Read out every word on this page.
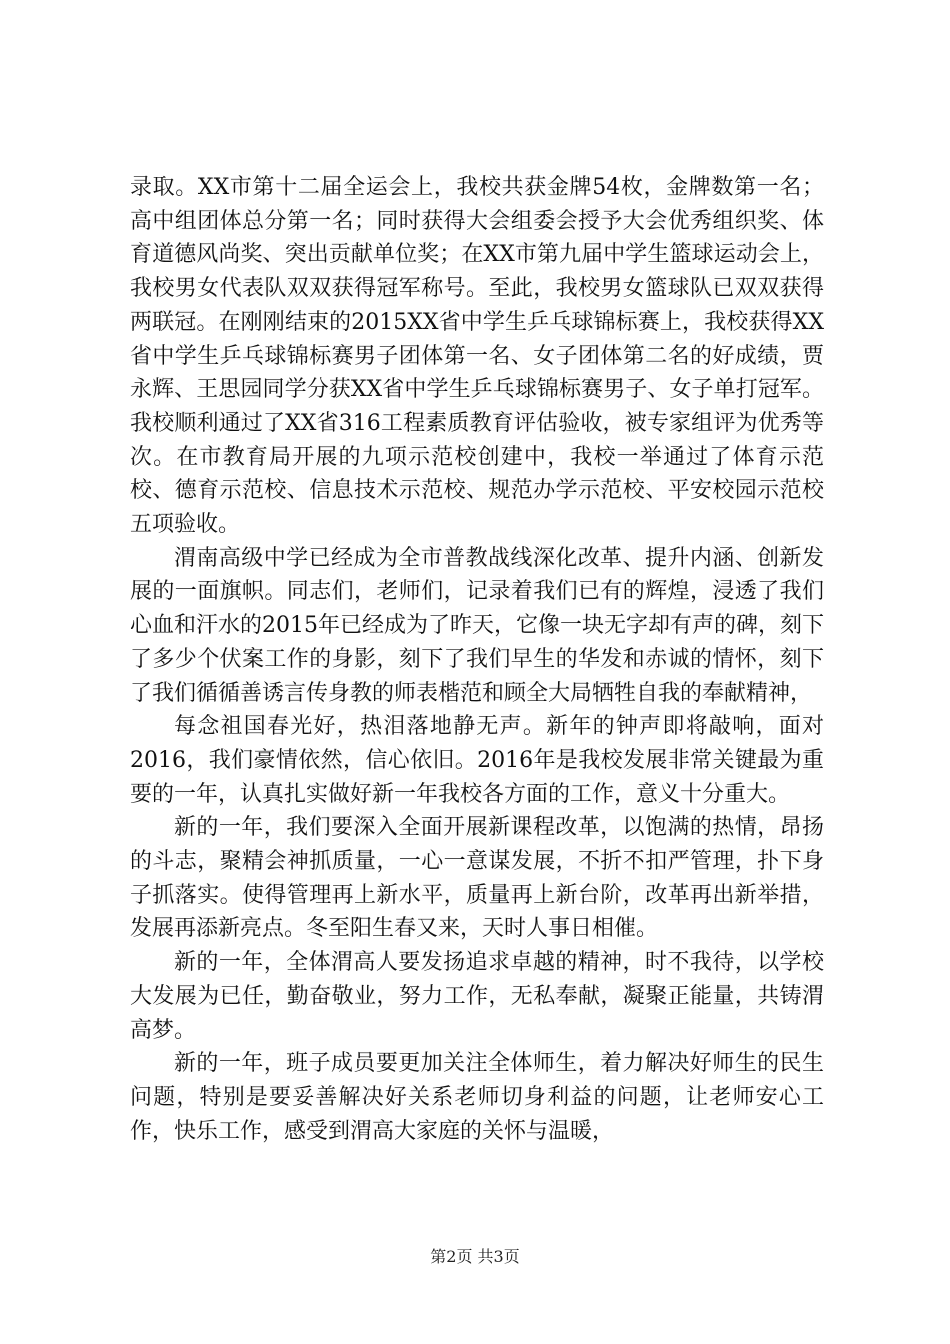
录取。XX市第十二届全运会上，我校共获金牌54枚，金牌数第一名；高中组团体总分第一名；同时获得大会组委会授予大会优秀组织奖、体育道德风尚奖、突出贡献单位奖；在XX市第九届中学生篮球运动会上，我校男女代表队双双获得冠军称号。至此，我校男女篮球队已双双获得两联冠。在刚刚结束的2015XX省中学生乒乓球锦标赛上，我校获得XX省中学生乒乓球锦标赛男子团体第一名、女子团体第二名的好成绩，贾永辉、王思园同学分获XX省中学生乒乓球锦标赛男子、女子单打冠军。我校顺利通过了XX省316工程素质教育评估验收，被专家组评为优秀等次。在市教育局开展的九项示范校创建中，我校一举通过了体育示范校、德育示范校、信息技术示范校、规范办学示范校、平安校园示范校五项验收。

渭南高级中学已经成为全市普教战线深化改革、提升内涵、创新发展的一面旗帜。同志们，老师们，记录着我们已有的辉煌，浸透了我们心血和汗水的2015年已经成为了昨天，它像一块无字却有声的碑，刻下了多少个伏案工作的身影，刻下了我们早生的华发和赤诚的情怀，刻下了我们循循善诱言传身教的师表楷范和顾全大局牺牲自我的奉献精神，

每念祖国春光好，热泪落地静无声。新年的钟声即将敲响，面对2016，我们豪情依然，信心依旧。2016年是我校发展非常关键最为重要的一年，认真扎实做好新一年我校各方面的工作，意义十分重大。

新的一年，我们要深入全面开展新课程改革，以饱满的热情，昂扬的斗志，聚精会神抓质量，一心一意谋发展，不折不扣严管理，扑下身子抓落实。使得管理再上新水平，质量再上新台阶，改革再出新举措，发展再添新亮点。冬至阳生春又来，天时人事日相催。

新的一年，全体渭高人要发扬追求卓越的精神，时不我待，以学校大发展为已任，勤奋敬业，努力工作，无私奉献，凝聚正能量，共铸渭高梦。

新的一年，班子成员要更加关注全体师生，着力解决好师生的民生问题，特别是要妥善解决好关系老师切身利益的问题，让老师安心工作，快乐工作，感受到渭高大家庭的关怀与温暖，

第2页 共3页
